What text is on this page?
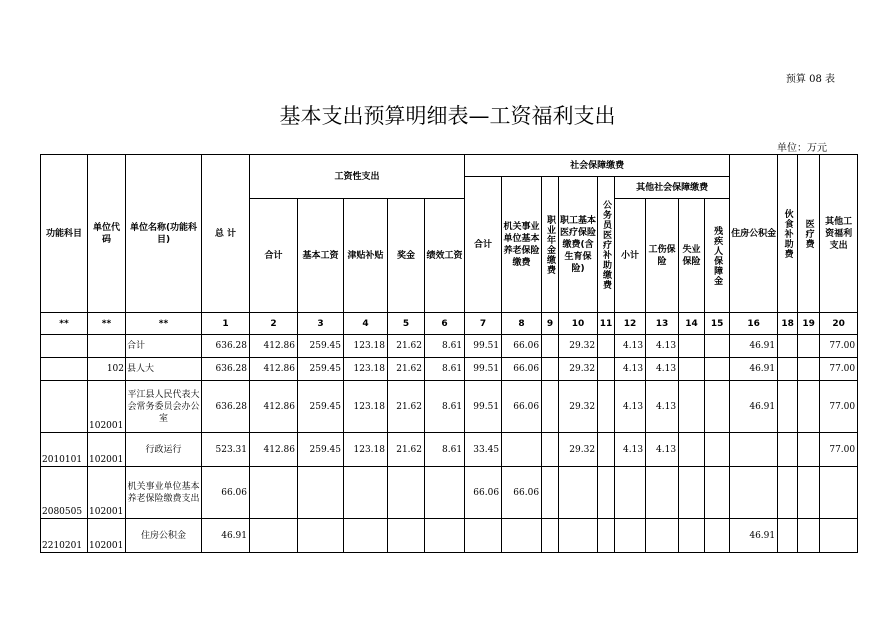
预算 08 表
基本支出预算明细表—工资福利支出
单位：万元
功能科目	单位代码	单位名称(功能科目)	总 计	工资性支出					社会保障缴费									住房公积金	伙食补助费	医疗费	其他工资福利支出
									合计	机关事业单位基本养老保险缴费	职业年金缴费	职工基本医疗保险缴费(含生育保险)	公务员医疗补助缴费	其他社会保障缴费							
				合计	基本工资	津贴补贴	奖金	绩效工资						小计	工伤保险	失业保险	残疾人保障金				

**	**	**	1	2	3	4	5	6	7	8	9	10	11	12	13	14	15	16	18	19	20
		合计	636.28	412.86	259.45	123.18	21.62	8.61	99.51	66.06		29.32		4.13	4.13			46.91			77.00
	102	县人大	636.28	412.86	259.45	123.18	21.62	8.61	99.51	66.06		29.32		4.13	4.13			46.91			77.00
	102001	平江县人民代表大会常务委员会办公室	636.28	412.86	259.45	123.18	21.62	8.61	99.51	66.06		29.32		4.13	4.13			46.91			77.00
2010101	102001	行政运行	523.31	412.86	259.45	123.18	21.62	8.61	33.45			29.32		4.13	4.13						77.00
2080505	102001	机关事业单位基本养老保险缴费支出	66.06						66.06	66.06											
2210201	102001	住房公积金	46.91															46.91			
